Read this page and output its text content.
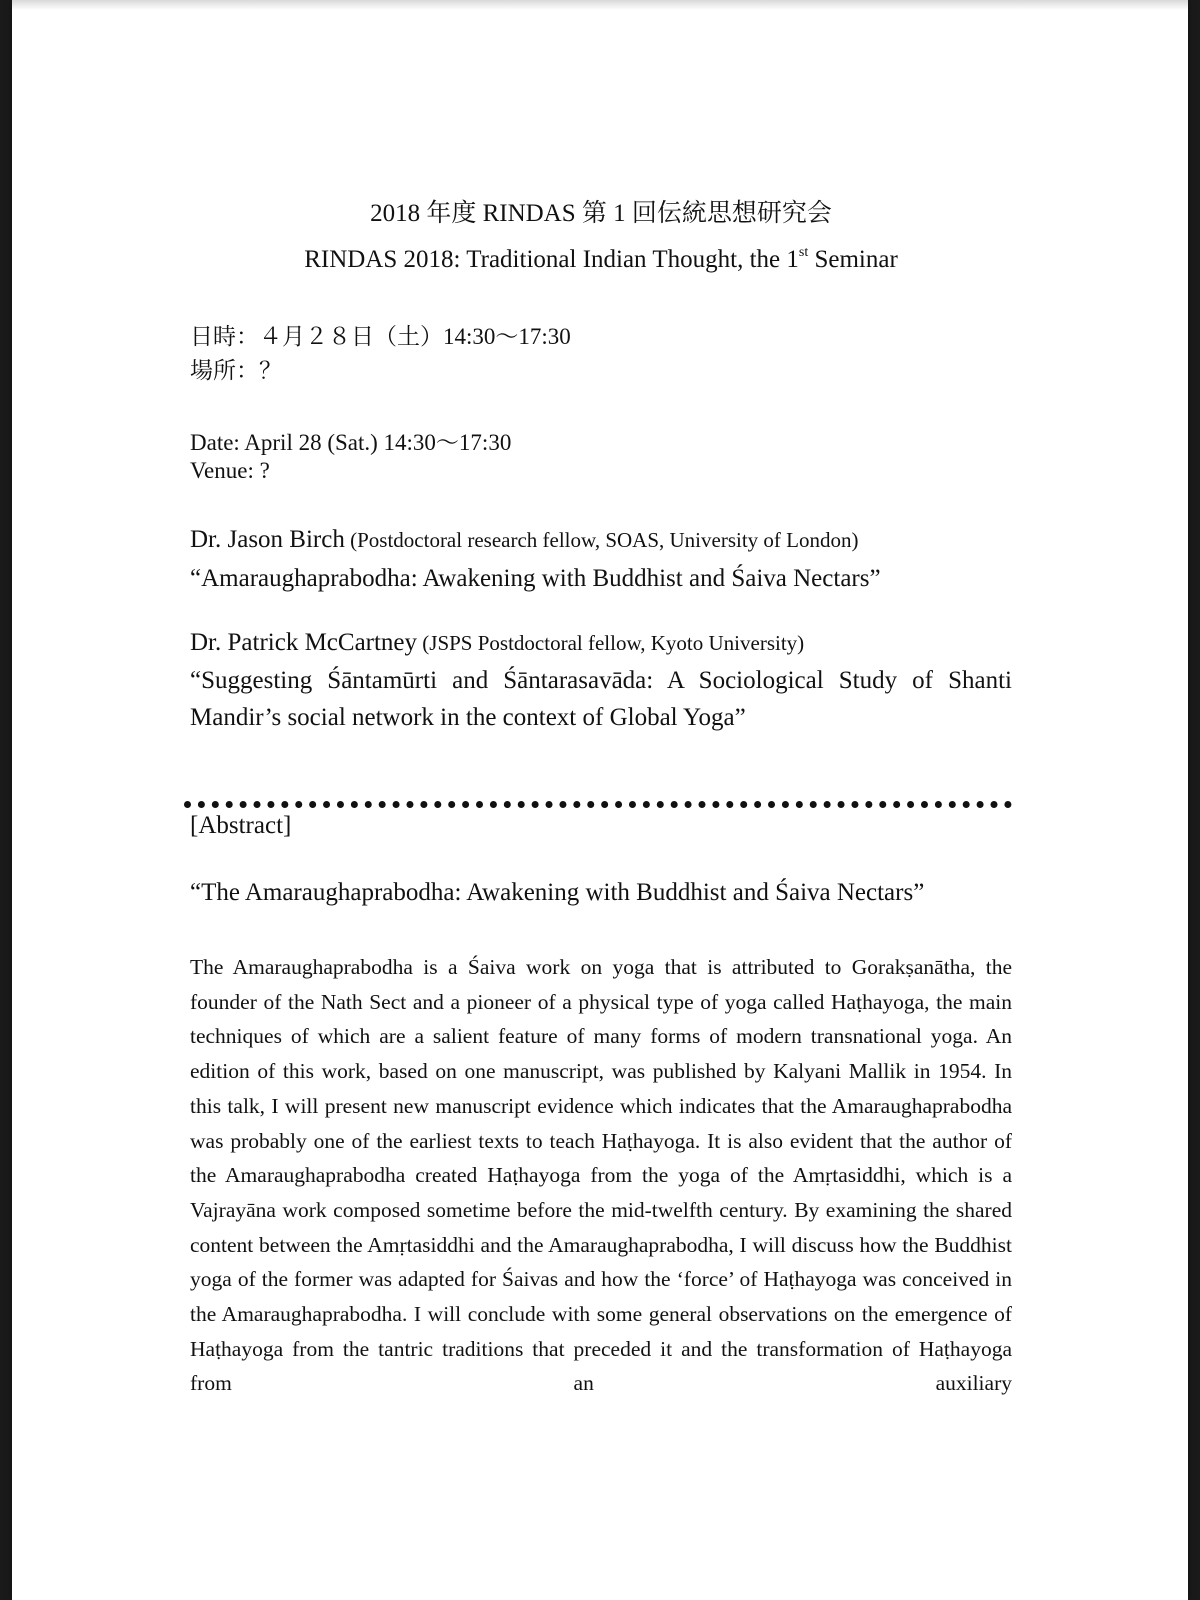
2018 年度 RINDAS 第 1 回伝統思想研究会
RINDAS 2018: Traditional Indian Thought, the 1st Seminar
日時：４月２８日（土）14:30～17:30
場所：？
Date: April 28 (Sat.) 14:30～17:30
Venue: ?
Dr. Jason Birch (Postdoctoral research fellow, SOAS, University of London)
“Amaraughaprabodha: Awakening with Buddhist and Śaiva Nectars”
Dr. Patrick McCartney (JSPS Postdoctoral fellow, Kyoto University)
“Suggesting Śāntamūrti and Śāntarasavāda: A Sociological Study of Shanti Mandir’s social network in the context of Global Yoga”
[Abstract]
“The Amaraughaprabodha: Awakening with Buddhist and Śaiva Nectars”
The Amaraughaprabodha is a Śaiva work on yoga that is attributed to Gorakṣanātha, the founder of the Nath Sect and a pioneer of a physical type of yoga called Haṭhayoga, the main techniques of which are a salient feature of many forms of modern transnational yoga. An edition of this work, based on one manuscript, was published by Kalyani Mallik in 1954. In this talk, I will present new manuscript evidence which indicates that the Amaraughaprabodha was probably one of the earliest texts to teach Haṭhayoga. It is also evident that the author of the Amaraughaprabodha created Haṭhayoga from the yoga of the Amṛtasiddhi, which is a Vajrayāna work composed sometime before the mid-twelfth century. By examining the shared content between the Amṛtasiddhi and the Amaraughaprabodha, I will discuss how the Buddhist yoga of the former was adapted for Śaivas and how the ‘force’ of Haṭhayoga was conceived in the Amaraughaprabodha. I will conclude with some general observations on the emergence of Haṭhayoga from the tantric traditions that preceded it and the transformation of Haṭhayoga from an auxiliary
